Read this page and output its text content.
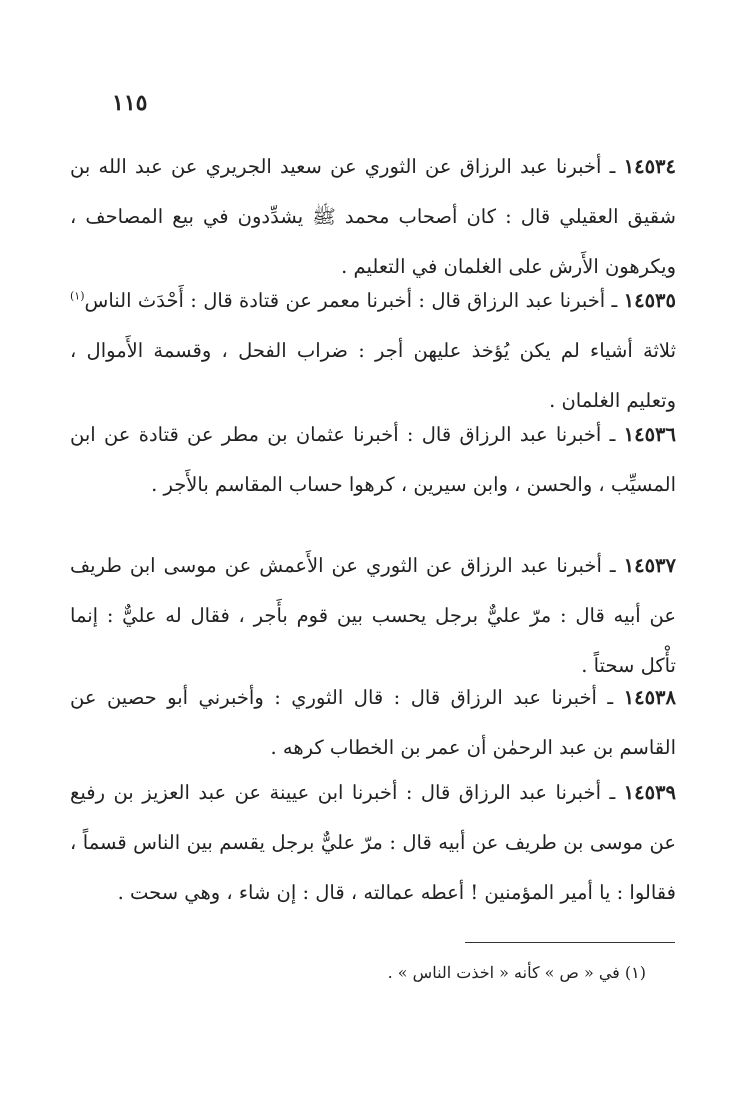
١١٥

١٤٥٣٤ ـ أخبرنا عبد الرزاق عن الثوري عن سعيد الجريري عن عبد الله بن شقيق العقيلي قال : كان أصحاب محمد ﷺ يشدِّدون في بيع المصاحف ، ويكرهون الأَرش على الغلمان في التعليم .

١٤٥٣٥ ـ أخبرنا عبد الرزاق قال : أخبرنا معمر عن قتادة قال : أَحْدَث الناس$^{(١)}$ ثلاثة أشياء لم يكن يُؤخذ عليهن أجر : ضراب الفحل ، وقسمة الأَموال ، وتعليم الغلمان .

١٤٥٣٦ ـ أخبرنا عبد الرزاق قال : أخبرنا عثمان بن مطر عن قتادة عن ابن المسيِّب ، والحسن ، وابن سيرين ، كرهوا حساب المقاسم بالأَجر .

١٤٥٣٧ ـ أخبرنا عبد الرزاق عن الثوري عن الأَعمش عن موسى ابن طريف عن أبيه قال : مرّ عليٌّ برجل يحسب بين قوم بأَجر ، فقال له عليٌّ : إنما تأْكل سحتاً .

١٤٥٣٨ ـ أخبرنا عبد الرزاق قال : قال الثوري : وأخبرني أبو حصين عن القاسم بن عبد الرحمٰن أن عمر بن الخطاب كرهه .

١٤٥٣٩ ـ أخبرنا عبد الرزاق قال : أخبرنا ابن عيينة عن عبد العزيز بن رفيع عن موسى بن طريف عن أبيه قال : مرّ عليٌّ برجل يقسم بين الناس قسماً ، فقالوا : يا أمير المؤمنين ! أعطه عمالته ، قال : إن شاء ، وهي سحت .

(١) في « ص » كأنه « اخذت الناس » .
